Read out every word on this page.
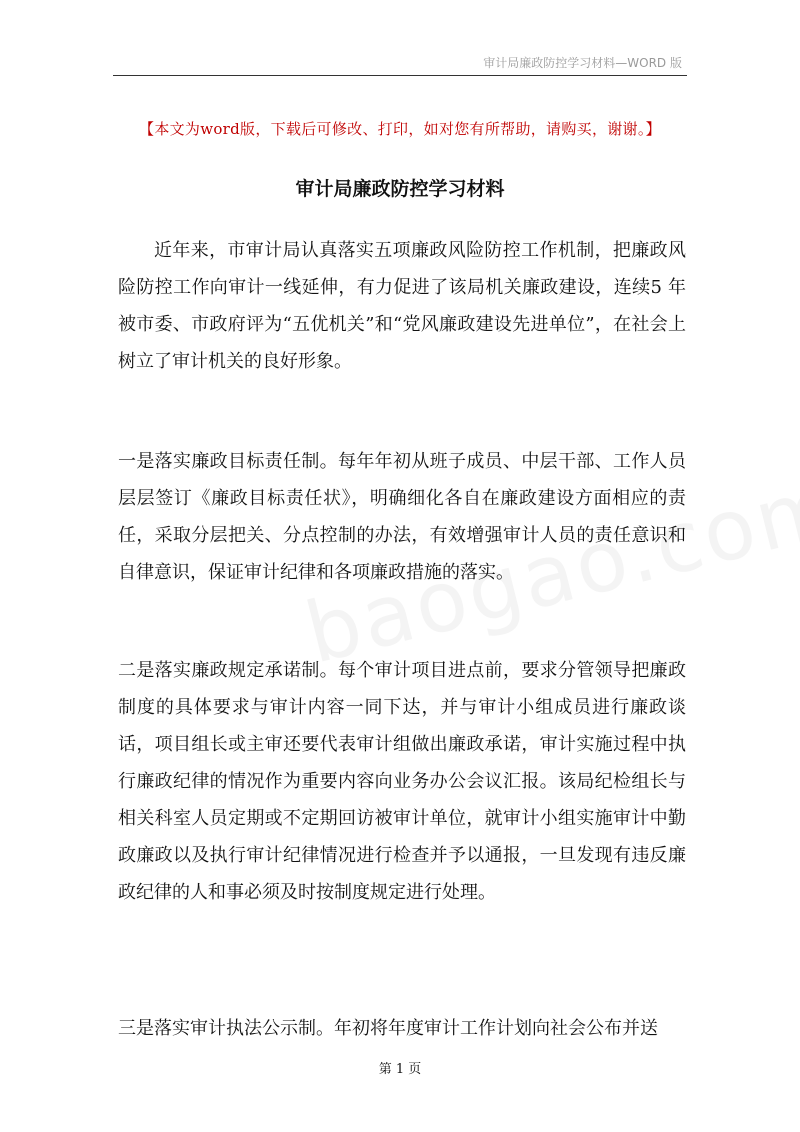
审计局廉政防控学习材料—WORD 版
【本文为word版，下载后可修改、打印，如对您有所帮助，请购买，谢谢。】
审计局廉政防控学习材料
近年来，市审计局认真落实五项廉政风险防控工作机制，把廉政风险防控工作向审计一线延伸，有力促进了该局机关廉政建设，连续5 年被市委、市政府评为“五优机关”和“党风廉政建设先进单位”，在社会上树立了审计机关的良好形象。
一是落实廉政目标责任制。每年年初从班子成员、中层干部、工作人员层层签订《廉政目标责任状》，明确细化各自在廉政建设方面相应的责任，采取分层把关、分点控制的办法，有效增强审计人员的责任意识和自律意识，保证审计纪律和各项廉政措施的落实。
二是落实廉政规定承诺制。每个审计项目进点前，要求分管领导把廉政制度的具体要求与审计内容一同下达，并与审计小组成员进行廉政谈话，项目组长或主审还要代表审计组做出廉政承诺，审计实施过程中执行廉政纪律的情况作为重要内容向业务办公会议汇报。该局纪检组长与相关科室人员定期或不定期回访被审计单位，就审计小组实施审计中勤政廉政以及执行审计纪律情况进行检查并予以通报，一旦发现有违反廉政纪律的人和事必须及时按制度规定进行处理。
三是落实审计执法公示制。年初将年度审计工作计划向社会公布并送
第 1 页
